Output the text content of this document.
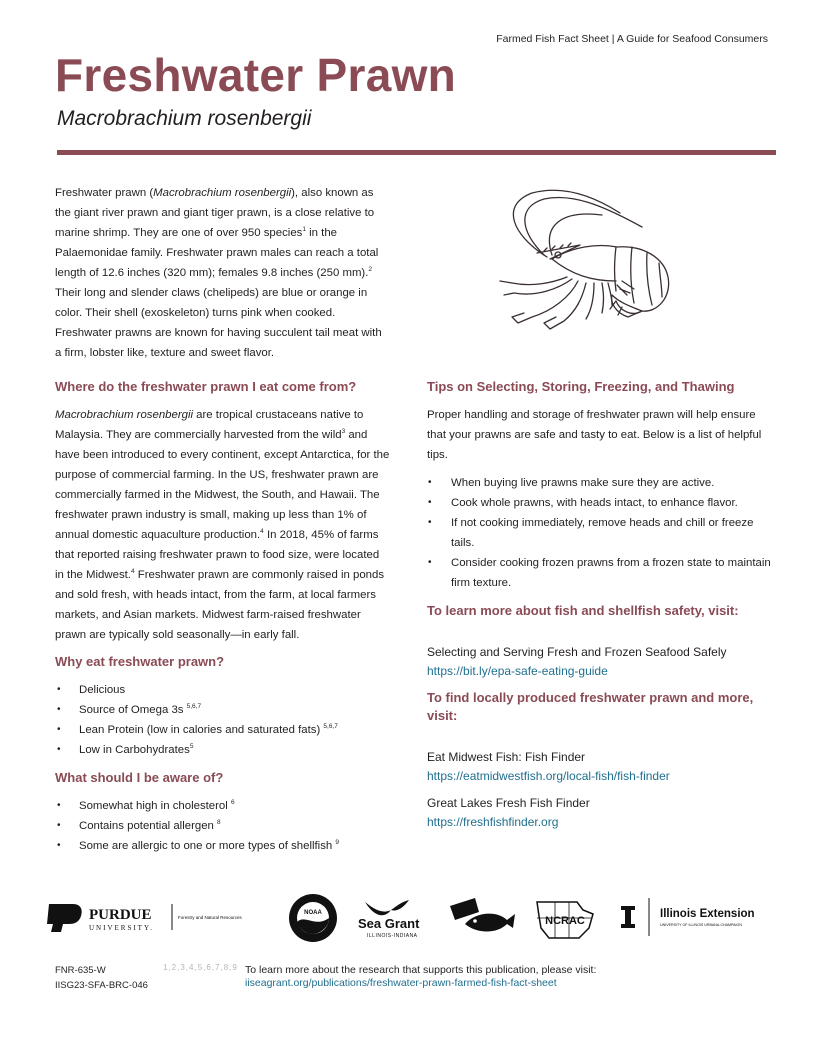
Farmed Fish Fact Sheet | A Guide for Seafood Consumers
Freshwater Prawn
Macrobrachium rosenbergii

Freshwater prawn (Macrobrachium rosenbergii), also known as the giant river prawn and giant tiger prawn, is a close relative to marine shrimp. They are one of over 950 species$^1$ in the Palaemonidae family. Freshwater prawn males can reach a total length of 12.6 inches (320 mm); females 9.8 inches (250 mm).$^2$ Their long and slender claws (chelipeds) are blue or orange in color. Their shell (exoskeleton) turns pink when cooked. Freshwater prawns are known for having succulent tail meat with a firm, lobster like, texture and sweet flavor.

Where do the freshwater prawn I eat come from?

Macrobrachium rosenbergii are tropical crustaceans native to Malaysia. They are commercially harvested from the wild$^3$ and have been introduced to every continent, except Antarctica, for the purpose of commercial farming. In the US, freshwater prawn are commercially farmed in the Midwest, the South, and Hawaii. The freshwater prawn industry is small, making up less than 1% of annual domestic aquaculture production.$^4$ In 2018, 45% of farms that reported raising freshwater prawn to food size, were located in the Midwest.$^4$ Freshwater prawn are commonly raised in ponds and sold fresh, with heads intact, from the farm, at local farmers markets, and Asian markets. Midwest farm-raised freshwater prawn are typically sold seasonally—in early fall.

Why eat freshwater prawn?
• Delicious
• Source of Omega 3s $^{5,6,7}$
• Lean Protein (low in calories and saturated fats) $^{5,6,7}$
• Low in Carbohydrates$^5$
What should I be aware of?
• Somewhat high in cholesterol $^6$
• Contains potential allergen $^8$
• Some are allergic to one or more types of shellfish $^9$
Tips on Selecting, Storing, Freezing, and Thawing

Proper handling and storage of freshwater prawn will help ensure that your prawns are safe and tasty to eat. Below is a list of helpful tips.

• When buying live prawns make sure they are active.
• Cook whole prawns, with heads intact, to enhance flavor.
• If not cooking immediately, remove heads and chill or freeze tails.
• Consider cooking frozen prawns from a frozen state to maintain firm texture.
To learn more about fish and shellfish safety, visit:
Selecting and Serving Fresh and Frozen Seafood Safely
https://bit.ly/epa-safe-eating-guide
To find locally produced freshwater prawn and more, visit:
Eat Midwest Fish: Fish Finder
https://eatmidwestfish.org/local-fish/fish-finder
Great Lakes Fresh Fish Finder
https://freshfishfinder.org
PURDUE
UNIVERSITY.
Forestry and Natural Resources
NOAA
Sea Grant
ILLINOIS-INDIANA
NCRAC
Illinois Extension
UNIVERSITY OF ILLINOIS URBANA-CHAMPAIGN
FNR-635-W
IISG23-SFA-BRC-046
1,2,3,4,5,6,7,8,9 To learn more about the research that supports this publication, please visit:
iiseagrant.org/publications/freshwater-prawn-farmed-fish-fact-sheet
